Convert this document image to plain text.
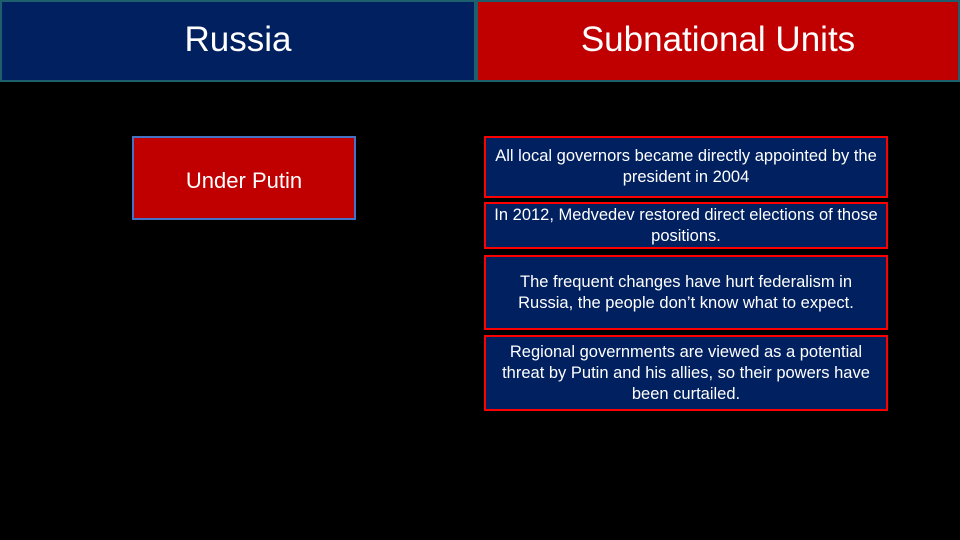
Russia	Subnational Units
Under Putin
All local governors became directly appointed by the president in 2004
In 2012, Medvedev restored direct elections of those positions.
The frequent changes have hurt federalism in Russia, the people don’t know what to expect.
Regional governments are viewed as a potential threat by Putin and his allies, so their powers have been curtailed.
